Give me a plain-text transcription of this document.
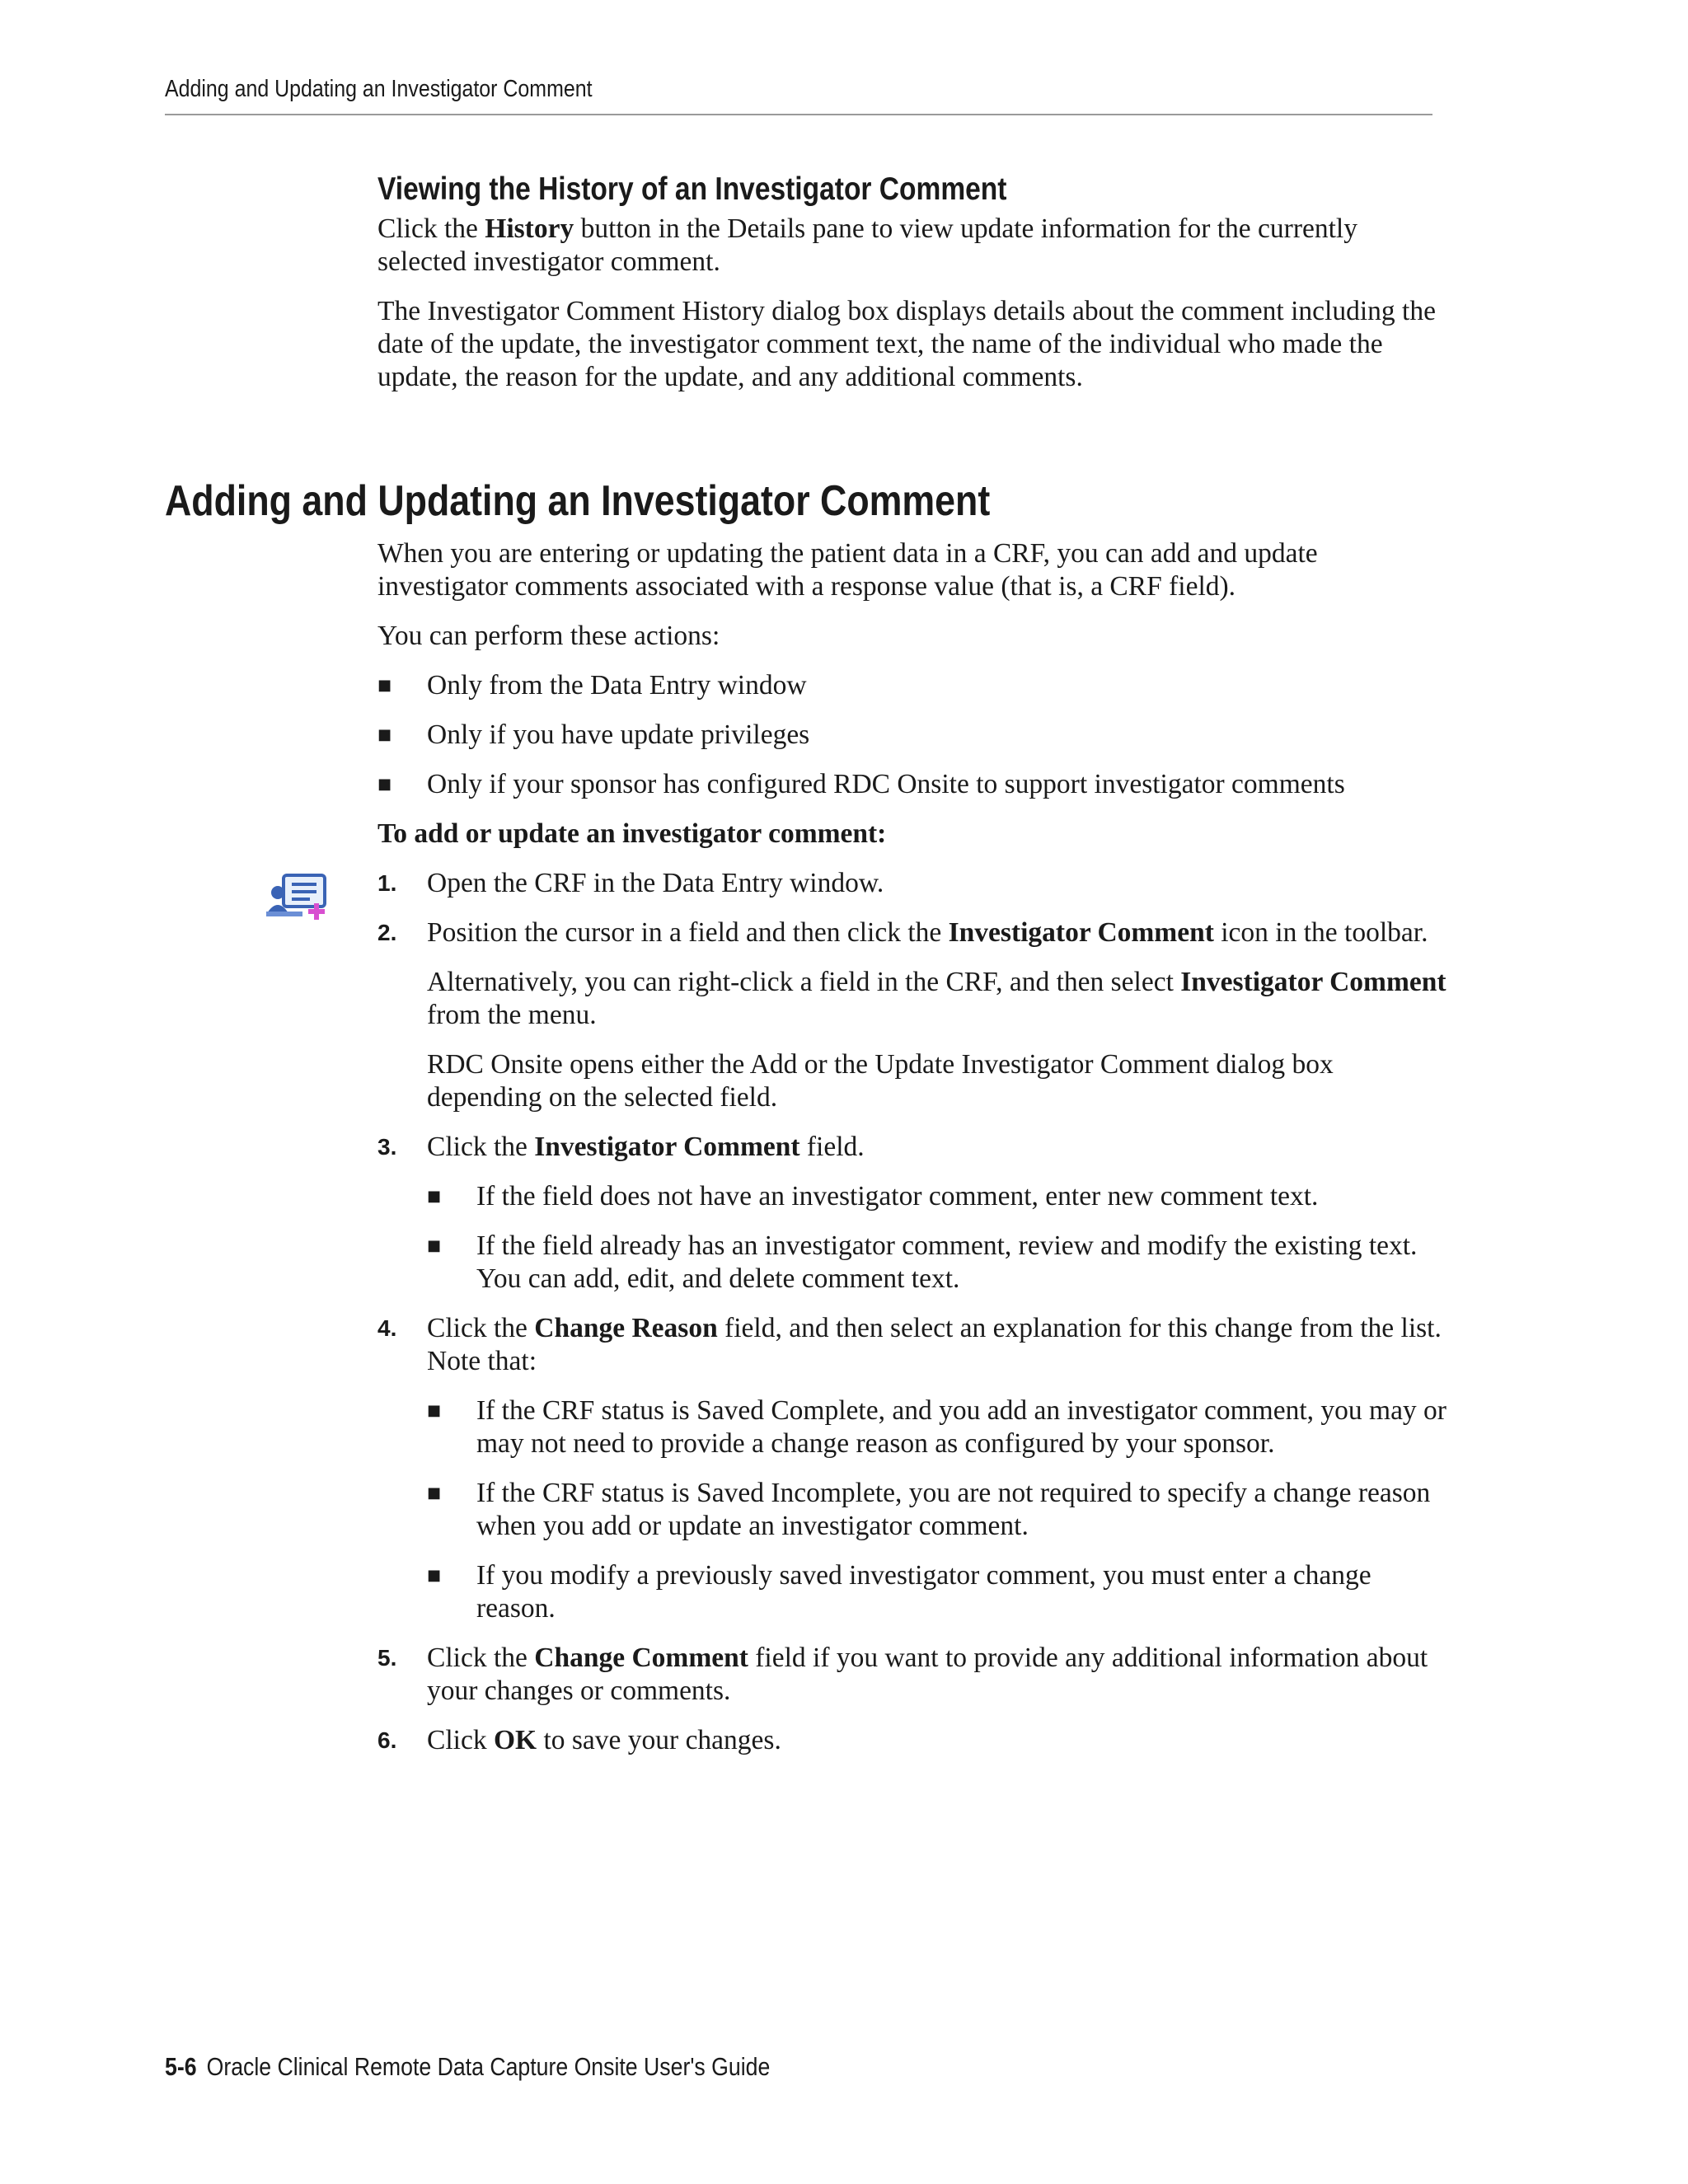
Adding and Updating an Investigator Comment
Viewing the History of an Investigator Comment

Click the History button in the Details pane to view update information for the currently selected investigator comment.

The Investigator Comment History dialog box displays details about the comment including the date of the update, the investigator comment text, the name of the individual who made the update, the reason for the update, and any additional comments.

Adding and Updating an Investigator Comment

When you are entering or updating the patient data in a CRF, you can add and update investigator comments associated with a response value (that is, a CRF field).

You can perform these actions:

■ Only from the Data Entry window

■ Only if you have update privileges

■ Only if your sponsor has configured RDC Onsite to support investigator comments

To add or update an investigator comment:

1. Open the CRF in the Data Entry window.

2. Position the cursor in a field and then click the Investigator Comment icon in the toolbar.

Alternatively, you can right-click a field in the CRF, and then select Investigator Comment from the menu.

RDC Onsite opens either the Add or the Update Investigator Comment dialog box depending on the selected field.

3. Click the Investigator Comment field.

■ If the field does not have an investigator comment, enter new comment text.

■ If the field already has an investigator comment, review and modify the existing text. You can add, edit, and delete comment text.

4. Click the Change Reason field, and then select an explanation for this change from the list. Note that:

■ If the CRF status is Saved Complete, and you add an investigator comment, you may or may not need to provide a change reason as configured by your sponsor.

■ If the CRF status is Saved Incomplete, you are not required to specify a change reason when you add or update an investigator comment.

■ If you modify a previously saved investigator comment, you must enter a change reason.

5. Click the Change Comment field if you want to provide any additional information about your changes or comments.

6. Click OK to save your changes.

5-6 Oracle Clinical Remote Data Capture Onsite User's Guide
